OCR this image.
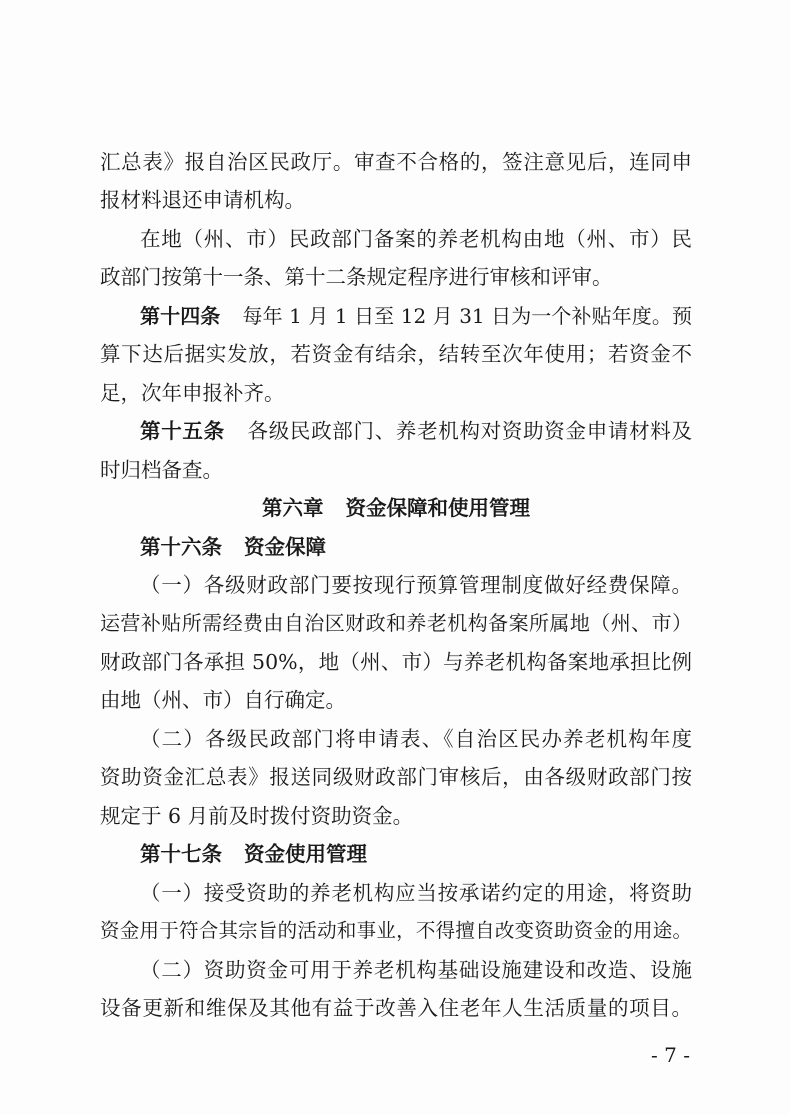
汇总表》报自治区民政厅。审查不合格的，签注意见后，连同申
报材料退还申请机构。
在地（州、市）民政部门备案的养老机构由地（州、市）民
政部门按第十一条、第十二条规定程序进行审核和评审。
第十四条 每年 1 月 1 日至 12 月 31 日为一个补贴年度。预
算下达后据实发放，若资金有结余，结转至次年使用；若资金不
足，次年申报补齐。
第十五条 各级民政部门、养老机构对资助资金申请材料及
时归档备查。
第六章 资金保障和使用管理
第十六条 资金保障
（一）各级财政部门要按现行预算管理制度做好经费保障。
运营补贴所需经费由自治区财政和养老机构备案所属地（州、市）
财政部门各承担 50%，地（州、市）与养老机构备案地承担比例
由地（州、市）自行确定。
（二）各级民政部门将申请表、《自治区民办养老机构年度
资助资金汇总表》报送同级财政部门审核后，由各级财政部门按
规定于 6 月前及时拨付资助资金。
第十七条 资金使用管理
（一）接受资助的养老机构应当按承诺约定的用途，将资助
资金用于符合其宗旨的活动和事业，不得擅自改变资助资金的用途。
（二）资助资金可用于养老机构基础设施建设和改造、设施
设备更新和维保及其他有益于改善入住老年人生活质量的项目。
- 7 -
